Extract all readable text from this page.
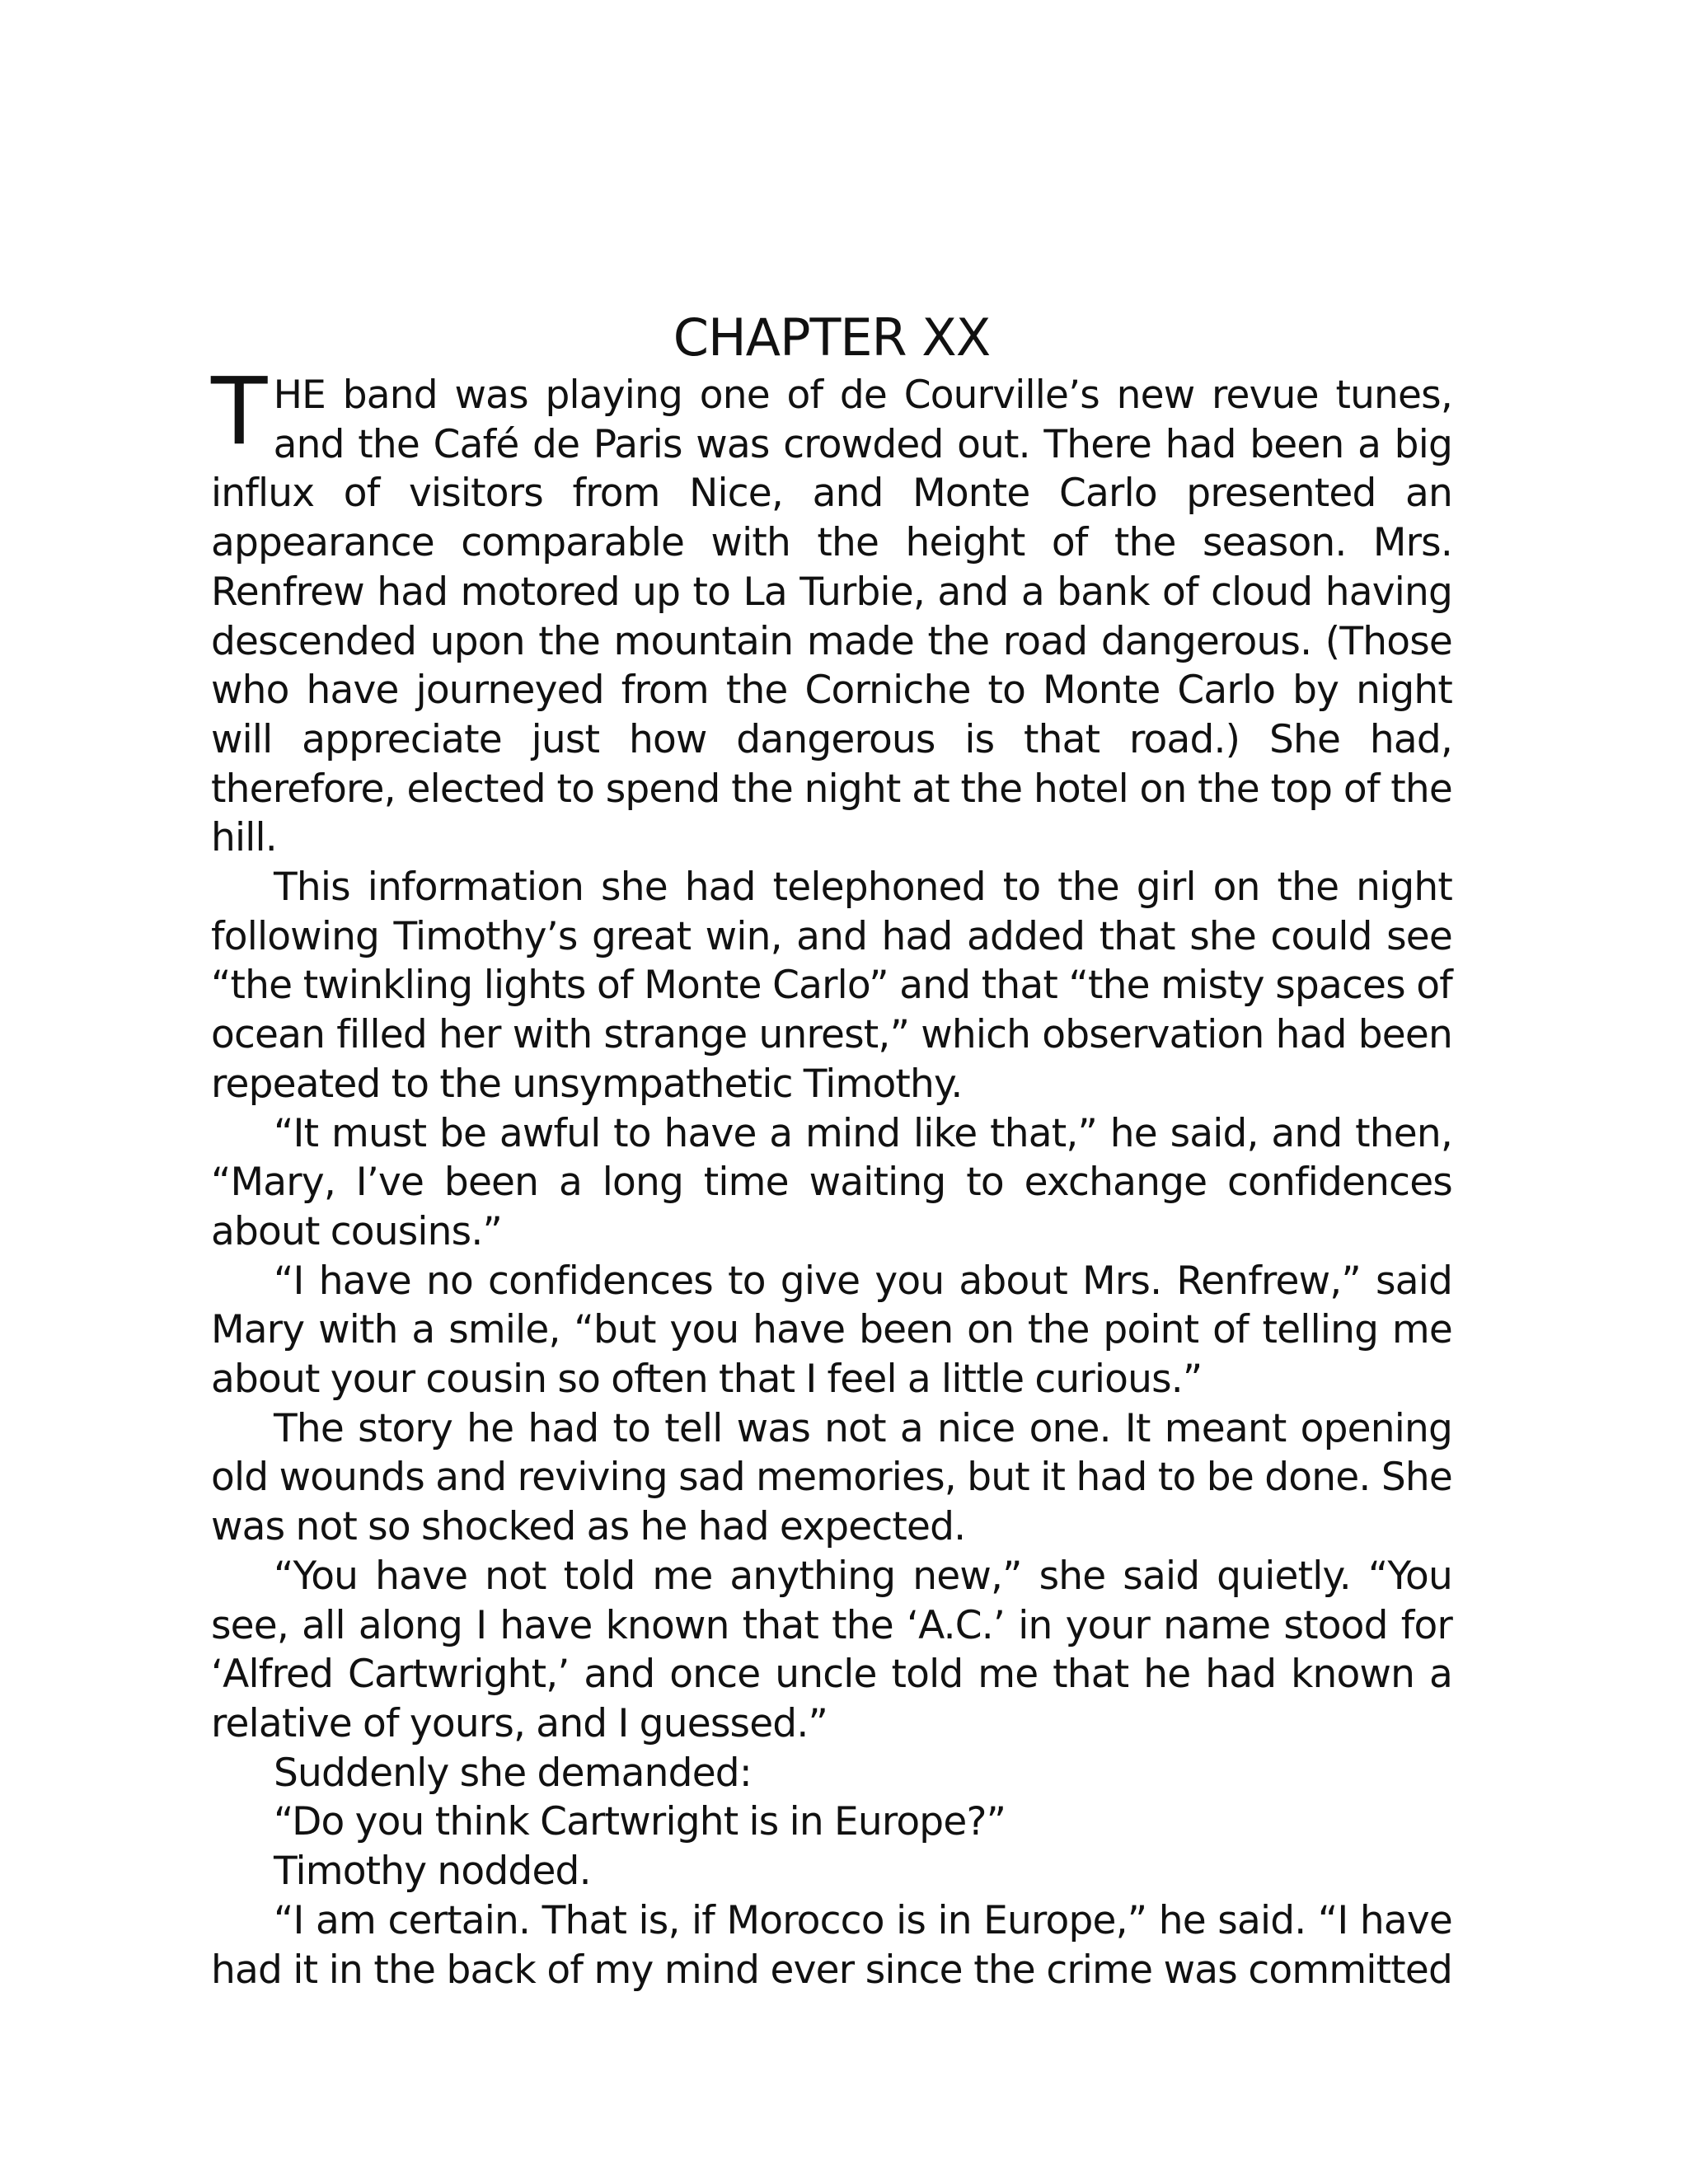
CHAPTER XX

THE band was playing one of de Courville’s new revue tunes, and the Café de Paris was crowded out. There had been a big influx of visitors from Nice, and Monte Carlo presented an appearance comparable with the height of the season. Mrs. Renfrew had motored up to La Turbie, and a bank of cloud having descended upon the mountain made the road dangerous. (Those who have journeyed from the Corniche to Monte Carlo by night will appreciate just how dangerous is that road.) She had, therefore, elected to spend the night at the hotel on the top of the hill.

This information she had telephoned to the girl on the night following Timothy’s great win, and had added that she could see “the twinkling lights of Monte Carlo” and that “the misty spaces of ocean filled her with strange unrest,” which observation had been repeated to the unsympathetic Timothy.

“It must be awful to have a mind like that,” he said, and then, “Mary, I’ve been a long time waiting to exchange confidences about cousins.”

“I have no confidences to give you about Mrs. Renfrew,” said Mary with a smile, “but you have been on the point of telling me about your cousin so often that I feel a little curious.”

The story he had to tell was not a nice one. It meant opening old wounds and reviving sad memories, but it had to be done. She was not so shocked as he had expected.

“You have not told me anything new,” she said quietly. “You see, all along I have known that the ‘A.C.’ in your name stood for ‘Alfred Cartwright,’ and once uncle told me that he had known a relative of yours, and I guessed.”

Suddenly she demanded:

“Do you think Cartwright is in Europe?”

Timothy nodded.

“I am certain. That is, if Morocco is in Europe,” he said. “I have had it in the back of my mind ever since the crime was committed
